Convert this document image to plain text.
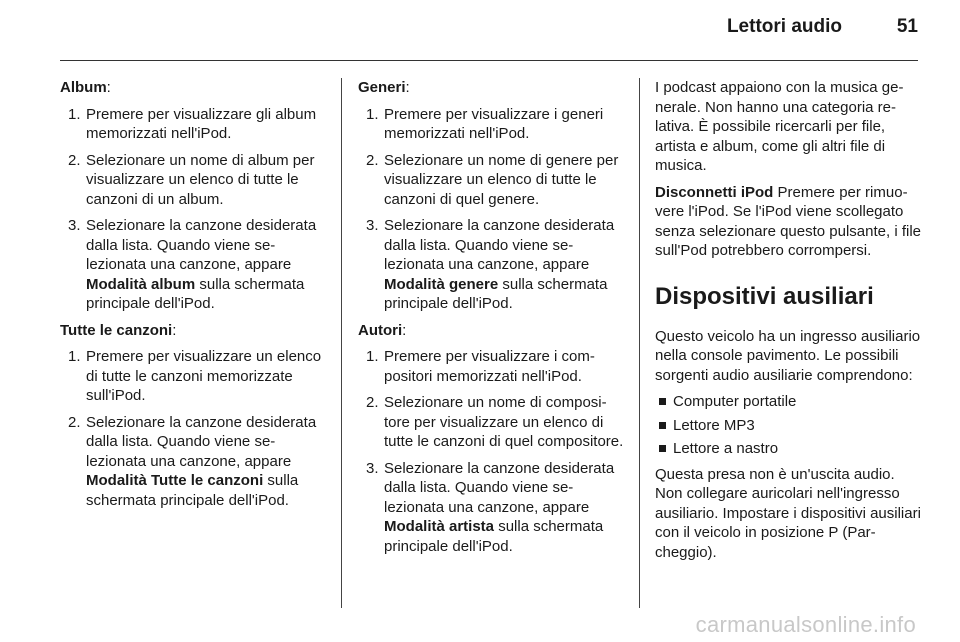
Lettori audio	51

Album:

1. Premere per visualizzare gli album memorizzati nell'iPod.
2. Selezionare un nome di album per visualizzare un elenco di tutte le canzoni di un album.
3. Selezionare la canzone desiderata dalla lista. Quando viene selezionata una canzone, appare Modalità album sulla schermata principale dell'iPod.

Tutte le canzoni:

1. Premere per visualizzare un elenco di tutte le canzoni memorizzate sull'iPod.
2. Selezionare la canzone desiderata dalla lista. Quando viene selezionata una canzone, appare Modalità Tutte le canzoni sulla schermata principale dell'iPod.

Generi:

1. Premere per visualizzare i generi memorizzati nell'iPod.
2. Selezionare un nome di genere per visualizzare un elenco di tutte le canzoni di quel genere.
3. Selezionare la canzone desiderata dalla lista. Quando viene selezionata una canzone, appare Modalità genere sulla schermata principale dell'iPod.

Autori:

1. Premere per visualizzare i compositori memorizzati nell'iPod.
2. Selezionare un nome di compositore per visualizzare un elenco di tutte le canzoni di quel compositore.
3. Selezionare la canzone desiderata dalla lista. Quando viene selezionata una canzone, appare Modalità artista sulla schermata principale dell'iPod.

I podcast appaiono con la musica generale. Non hanno una categoria relativa. È possibile ricercarli per file, artista e album, come gli altri file di musica.

Disconnetti iPod Premere per rimuovere l'iPod. Se l'iPod viene scollegato senza selezionare questo pulsante, i file sull'Pod potrebbero corrompersi.

Dispositivi ausiliari

Questo veicolo ha un ingresso ausiliario nella console pavimento. Le possibili sorgenti audio ausiliarie comprendono:

Computer portatile
Lettore MP3
Lettore a nastro

Questa presa non è un'uscita audio. Non collegare auricolari nell'ingresso ausiliario. Impostare i dispositivi ausiliari con il veicolo in posizione P (Parcheggio).

carmanualsonline.info
